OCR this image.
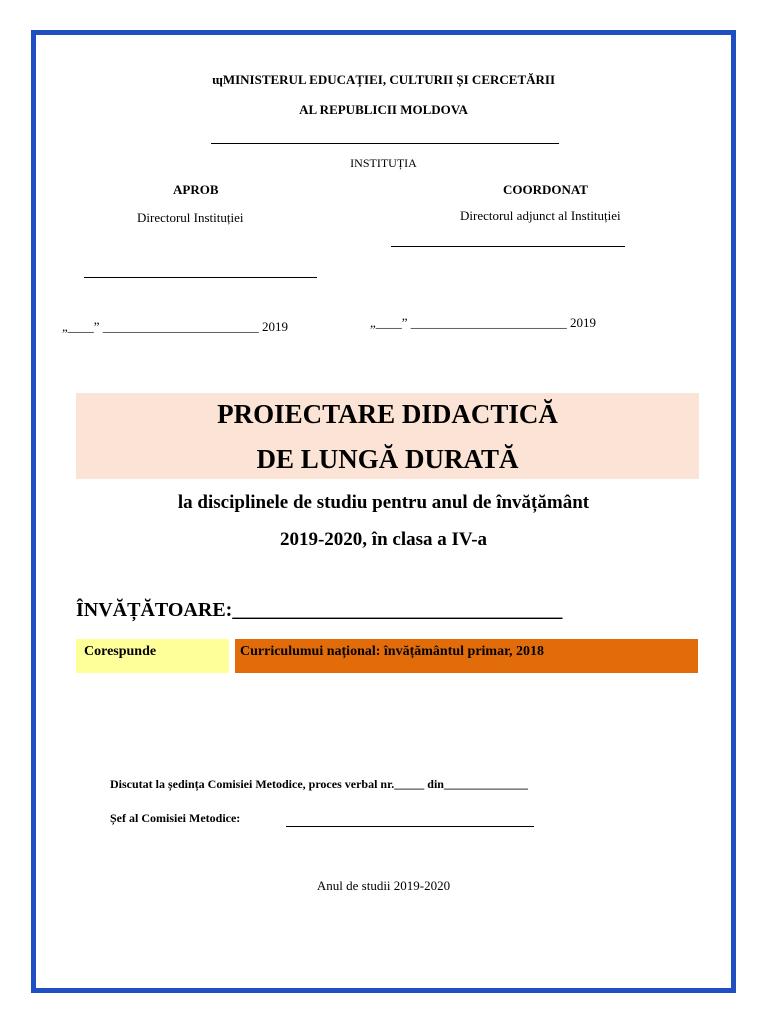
ɰMINISTERUL EDUCAȚIEI, CULTURII ȘI CERCETĂRII
AL REPUBLICII MOLDOVA
INSTITUȚIA
APROB
Directorul Instituției
„____” ________________________ 2019
COORDONAT
Directorul adjunct al Instituției
„____” ________________________ 2019
PROIECTARE DIDACTICĂ
DE LUNGĂ DURATĂ
la disciplinele de studiu pentru anul de învățământ
2019-2020, în clasa a IV-a
ÎNVĂȚĂTOARE:_________________________________
Corespunde	Curriculumui național: învățământul primar, 2018
Discutat la ședința Comisiei Metodice, proces verbal nr._____ din______________
Șef al Comisiei Metodice:
Anul de studii 2019-2020
